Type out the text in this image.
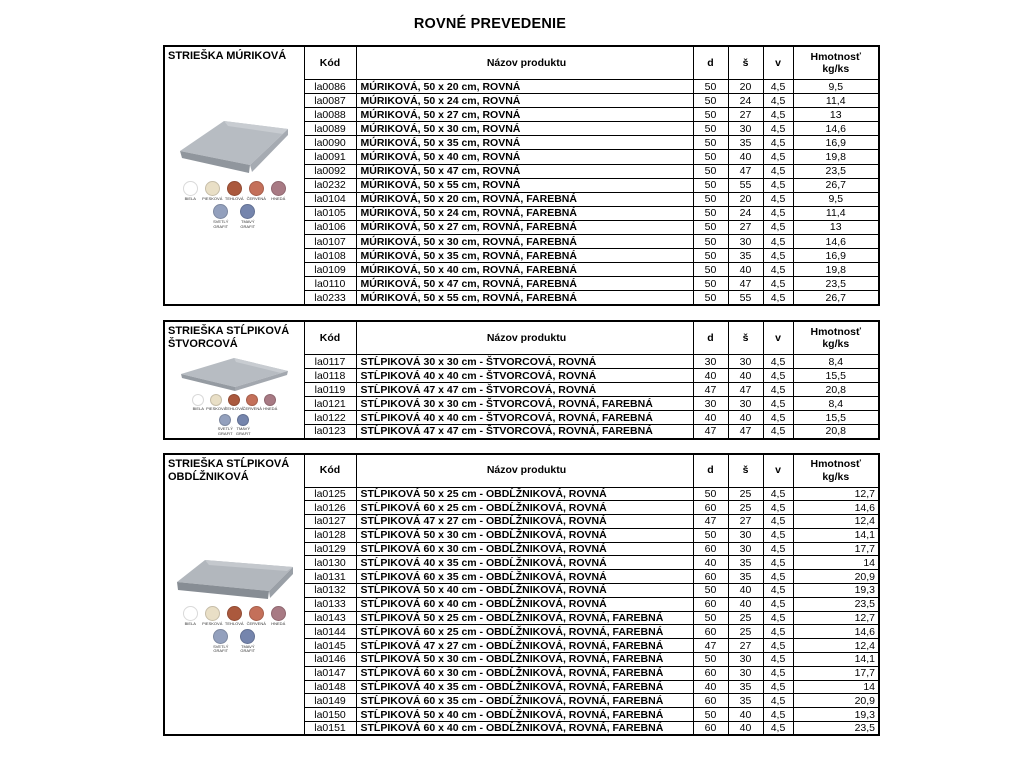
ROVNÉ PREVEDENIE
STRIEŠKA MÚRIKOVÁ
BIELA PIESKOVÁ TEHLOVÁ ČERVENÁ HNEDÁ
SVETLÝ GRAFIT
TMAVÝ GRAFIT
	Kód	Názov produktu	d	š	v	Hmotnosť
kg/ks
	la0086	MÚRIKOVÁ, 50 x 20 cm, ROVNÁ	50	20	4,5	9,5
	la0087	MÚRIKOVÁ, 50 x 24 cm, ROVNÁ	50	24	4,5	11,4
	la0088	MÚRIKOVÁ, 50 x 27 cm, ROVNÁ	50	27	4,5	13
	la0089	MÚRIKOVÁ, 50 x 30 cm, ROVNÁ	50	30	4,5	14,6
	la0090	MÚRIKOVÁ, 50 x 35 cm, ROVNÁ	50	35	4,5	16,9
	la0091	MÚRIKOVÁ, 50 x 40 cm, ROVNÁ	50	40	4,5	19,8
	la0092	MÚRIKOVÁ, 50 x 47 cm, ROVNÁ	50	47	4,5	23,5
	la0232	MÚRIKOVÁ, 50 x 55 cm, ROVNÁ	50	55	4,5	26,7
	la0104	MÚRIKOVÁ, 50 x 20 cm, ROVNÁ, FAREBNÁ	50	20	4,5	9,5
	la0105	MÚRIKOVÁ, 50 x 24 cm, ROVNÁ, FAREBNÁ	50	24	4,5	11,4
	la0106	MÚRIKOVÁ, 50 x 27 cm, ROVNÁ, FAREBNÁ	50	27	4,5	13
	la0107	MÚRIKOVÁ, 50 x 30 cm, ROVNÁ, FAREBNÁ	50	30	4,5	14,6
	la0108	MÚRIKOVÁ, 50 x 35 cm, ROVNÁ, FAREBNÁ	50	35	4,5	16,9
	la0109	MÚRIKOVÁ, 50 x 40 cm, ROVNÁ, FAREBNÁ	50	40	4,5	19,8
	la0110	MÚRIKOVÁ, 50 x 47 cm, ROVNÁ, FAREBNÁ	50	47	4,5	23,5
	la0233	MÚRIKOVÁ, 50 x 55 cm, ROVNÁ, FAREBNÁ	50	55	4,5	26,7
STRIEŠKA STĹPIKOVÁ ŠTVORCOVÁ
BIELA PIESKOVÁ
TEHLOVÁ ČERVENÁ HNEDÁ
SVETLÝ GRAFIT
TMAVÝ GRAFIT
	Kód	Názov produktu	d	š	v	Hmotnosť
kg/ks
	la0117	STĹPIKOVÁ 30 x 30 cm - ŠTVORCOVÁ, ROVNÁ	30	30	4,5	8,4
	la0118	STĹPIKOVÁ 40 x 40 cm - ŠTVORCOVÁ, ROVNÁ	40	40	4,5	15,5
	la0119	STĹPIKOVÁ 47 x 47 cm - ŠTVORCOVÁ, ROVNÁ	47	47	4,5	20,8
	la0121	STĹPIKOVÁ 30 x 30 cm - ŠTVORCOVÁ, ROVNÁ, FAREBNÁ	30	30	4,5	8,4
	la0122	STĹPIKOVÁ 40 x 40 cm - ŠTVORCOVÁ, ROVNÁ, FAREBNÁ	40	40	4,5	15,5
	la0123	STĹPIKOVÁ 47 x 47 cm - ŠTVORCOVÁ, ROVNÁ, FAREBNÁ	47	47	4,5	20,8
STRIEŠKA STĹPIKOVÁ OBDĹŽNIKOVÁ
BIELA PIESKOVÁ TEHLOVÁ ČERVENÁ HNEDÁ
SVETLÝ GRAFIT
TMAVÝ GRAFIT
	Kód	Názov produktu	d	š	v	Hmotnosť
kg/ks
	la0125	STĹPIKOVÁ 50 x 25 cm - OBDĹŽNIKOVÁ, ROVNÁ	50	25	4,5	12,7
	la0126	STĹPIKOVÁ 60 x 25 cm - OBDĹŽNIKOVÁ, ROVNÁ	60	25	4,5	14,6
	la0127	STĹPIKOVÁ 47 x 27 cm - OBDĹŽNIKOVÁ, ROVNÁ	47	27	4,5	12,4
	la0128	STĹPIKOVÁ 50 x 30 cm - OBDĹŽNIKOVÁ, ROVNÁ	50	30	4,5	14,1
	la0129	STĹPIKOVÁ 60 x 30 cm - OBDĹŽNIKOVÁ, ROVNÁ	60	30	4,5	17,7
	la0130	STĹPIKOVÁ 40 x 35 cm - OBDĹŽNIKOVÁ, ROVNÁ	40	35	4,5	14
	la0131	STĹPIKOVÁ 60 x 35 cm - OBDĹŽNIKOVÁ, ROVNÁ	60	35	4,5	20,9
	la0132	STĹPIKOVÁ 50 x 40 cm - OBDĹŽNIKOVÁ, ROVNÁ	50	40	4,5	19,3
	la0133	STĹPIKOVÁ 60 x 40 cm - OBDĹŽNIKOVÁ, ROVNÁ	60	40	4,5	23,5
	la0143	STĹPIKOVÁ 50 x 25 cm - OBDĹŽNIKOVÁ, ROVNÁ, FAREBNÁ	50	25	4,5	12,7
	la0144	STĹPIKOVÁ 60 x 25 cm - OBDĹŽNIKOVÁ, ROVNÁ, FAREBNÁ	60	25	4,5	14,6
	la0145	STĹPIKOVÁ 47 x 27 cm - OBDĹŽNIKOVÁ, ROVNÁ, FAREBNÁ	47	27	4,5	12,4
	la0146	STĹPIKOVÁ 50 x 30 cm - OBDĹŽNIKOVÁ, ROVNÁ, FAREBNÁ	50	30	4,5	14,1
	la0147	STĹPIKOVÁ 60 x 30 cm - OBDĹŽNIKOVÁ, ROVNÁ, FAREBNÁ	60	30	4,5	17,7
	la0148	STĹPIKOVÁ 40 x 35 cm - OBDĹŽNIKOVÁ, ROVNÁ, FAREBNÁ	40	35	4,5	14
	la0149	STĹPIKOVÁ 60 x 35 cm - OBDĹŽNIKOVÁ, ROVNÁ, FAREBNÁ	60	35	4,5	20,9
	la0150	STĹPIKOVÁ 50 x 40 cm - OBDĹŽNIKOVÁ, ROVNÁ, FAREBNÁ	50	40	4,5	19,3
	la0151	STĹPIKOVÁ 60 x 40 cm - OBDĹŽNIKOVÁ, ROVNÁ, FAREBNÁ	60	40	4,5	23,5
